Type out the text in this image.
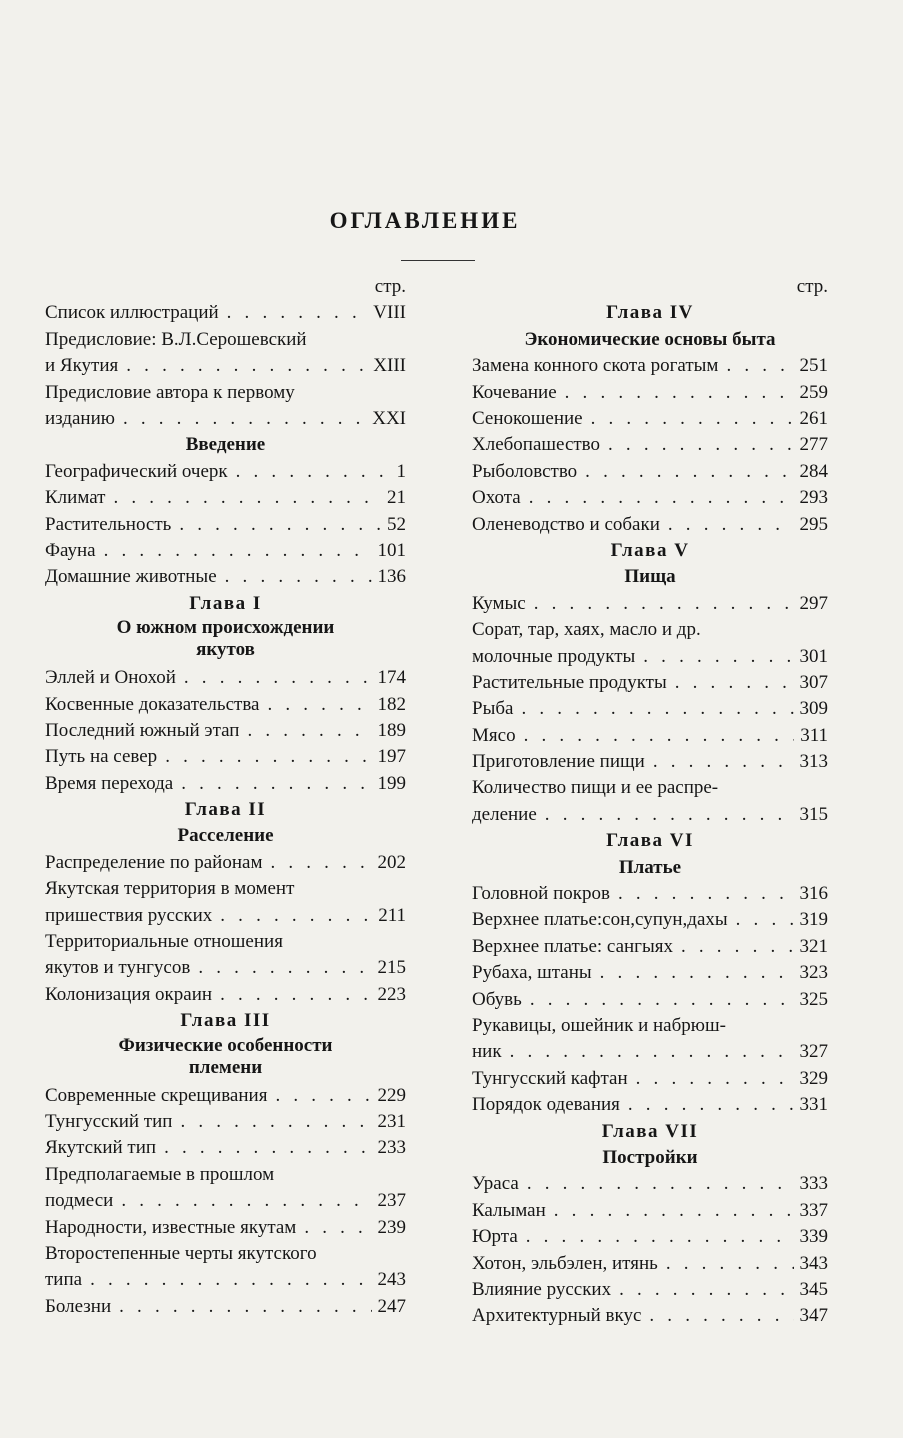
ОГЛАВЛЕНИЕ
стр.
Список иллюстраций . . .	VIII
Предисловие: В.Л.Серошевский
и Якутия . . .	XIII
Предисловие автора к первому
изданию . . .	XXI
Введение
Географический очерк . . .	1
Климат . . .	21
Растительность . . .	52
Фауна . . .	101
Домашние животные . . .	136
Глава I
О южном происхождении
якутов
Эллей и Онохой . . .	174
Косвенные доказательства . . .	182
Последний южный этап . . .	189
Путь на север . . .	197
Время перехода . . .	199
Глава II
Расселение
Распределение по районам . . .	202
Якутская территория в момент
пришествия русских . . .	211
Территориальные отношения
якутов и тунгусов . . .	215
Колонизация окраин . . .	223
Глава III
Физические особенности
племени
Современные скрещивания . . .	229
Тунгусский тип . . .	231
Якутский тип . . .	233
Предполагаемые в прошлом
подмеси . . .	237
Народности, известные якутам . . .	239
Второстепенные черты якутского
типа . . .	243
Болезни . . .	247
стр.
Глава IV
Экономические основы быта
Замена конного скота рогатым . . .	251
Кочевание . . .	259
Сенокошение . . .	261
Хлебопашество . . .	277
Рыболовство . . .	284
Охота . . .	293
Оленеводство и собаки . . .	295
Глава V
Пища
Кумыс . . .	297
Сорат, тар, хаях, масло и др.
молочные продукты . . .	301
Растительные продукты . . .	307
Рыба . . .	309
Мясо . . .	311
Приготовление пищи . . .	313
Количество пищи и ее распре-
деление . . .	315
Глава VI
Платье
Головной покров . . .	316
Верхнее платье:сон,супун,дахы . . .	319
Верхнее платье: сангыях . . .	321
Рубаха, штаны . . .	323
Обувь . . .	325
Рукавицы, ошейник и набрюш-
ник . . .	327
Тунгусский кафтан . . .	329
Порядок одевания . . .	331
Глава VII
Постройки
Ураса . . .	333
Калыман . . .	337
Юрта . . .	339
Хотон, эльбэлен, итянь . . .	343
Влияние русских . . .	345
Архитектурный вкус . . .	347
